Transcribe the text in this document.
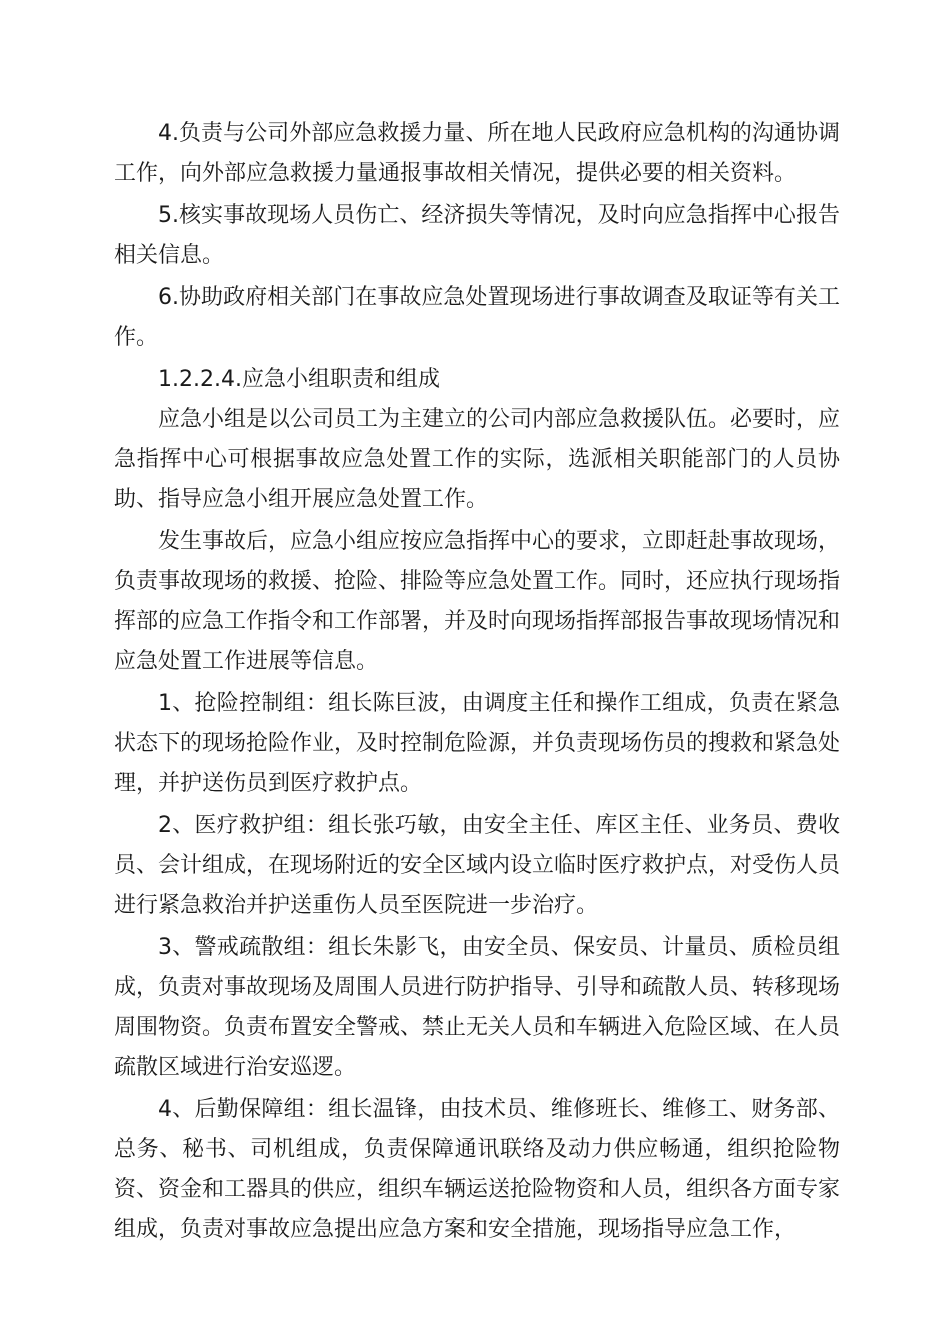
4.负责与公司外部应急救援力量、所在地人民政府应急机构的沟通协调工作，向外部应急救援力量通报事故相关情况，提供必要的相关资料。

5.核实事故现场人员伤亡、经济损失等情况，及时向应急指挥中心报告相关信息。

6.协助政府相关部门在事故应急处置现场进行事故调查及取证等有关工作。

1.2.2.4.应急小组职责和组成

应急小组是以公司员工为主建立的公司内部应急救援队伍。必要时，应急指挥中心可根据事故应急处置工作的实际，选派相关职能部门的人员协助、指导应急小组开展应急处置工作。

发生事故后，应急小组应按应急指挥中心的要求，立即赶赴事故现场，负责事故现场的救援、抢险、排险等应急处置工作。同时，还应执行现场指挥部的应急工作指令和工作部署，并及时向现场指挥部报告事故现场情况和应急处置工作进展等信息。

1、抢险控制组：组长陈巨波，由调度主任和操作工组成，负责在紧急状态下的现场抢险作业，及时控制危险源，并负责现场伤员的搜救和紧急处理，并护送伤员到医疗救护点。

2、医疗救护组：组长张巧敏，由安全主任、库区主任、业务员、费收员、会计组成，在现场附近的安全区域内设立临时医疗救护点，对受伤人员进行紧急救治并护送重伤人员至医院进一步治疗。

3、警戒疏散组：组长朱影飞，由安全员、保安员、计量员、质检员组成，负责对事故现场及周围人员进行防护指导、引导和疏散人员、转移现场周围物资。负责布置安全警戒、禁止无关人员和车辆进入危险区域、在人员疏散区域进行治安巡逻。

4、后勤保障组：组长温锋，由技术员、维修班长、维修工、财务部、总务、秘书、司机组成，负责保障通讯联络及动力供应畅通，组织抢险物资、资金和工器具的供应，组织车辆运送抢险物资和人员，组织各方面专家组成，负责对事故应急提出应急方案和安全措施，现场指导应急工作，
